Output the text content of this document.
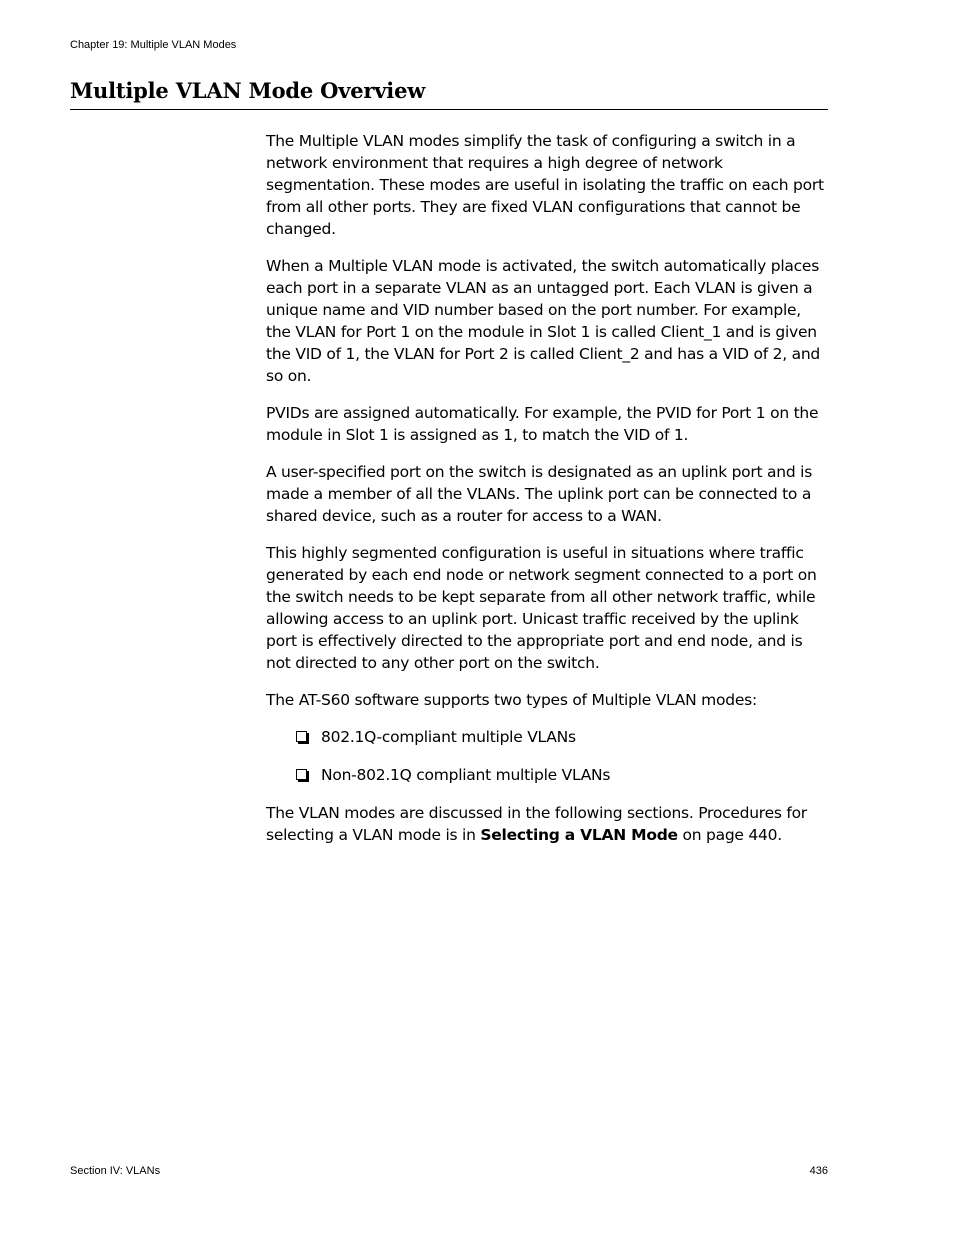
Chapter 19: Multiple VLAN Modes
Multiple VLAN Mode Overview

The Multiple VLAN modes simplify the task of configuring a switch in a network environment that requires a high degree of network segmentation. These modes are useful in isolating the traffic on each port from all other ports. They are fixed VLAN configurations that cannot be changed.

When a Multiple VLAN mode is activated, the switch automatically places each port in a separate VLAN as an untagged port. Each VLAN is given a unique name and VID number based on the port number. For example, the VLAN for Port 1 on the module in Slot 1 is called Client_1 and is given the VID of 1, the VLAN for Port 2 is called Client_2 and has a VID of 2, and so on.

PVIDs are assigned automatically. For example, the PVID for Port 1 on the module in Slot 1 is assigned as 1, to match the VID of 1.

A user-specified port on the switch is designated as an uplink port and is made a member of all the VLANs. The uplink port can be connected to a shared device, such as a router for access to a WAN.

This highly segmented configuration is useful in situations where traffic generated by each end node or network segment connected to a port on the switch needs to be kept separate from all other network traffic, while allowing access to an uplink port. Unicast traffic received by the uplink port is effectively directed to the appropriate port and end node, and is not directed to any other port on the switch.

The AT-S60 software supports two types of Multiple VLAN modes:

802.1Q-compliant multiple VLANs
Non-802.1Q compliant multiple VLANs

The VLAN modes are discussed in the following sections. Procedures for selecting a VLAN mode is in Selecting a VLAN Mode on page 440.

Section IV: VLANs	436
